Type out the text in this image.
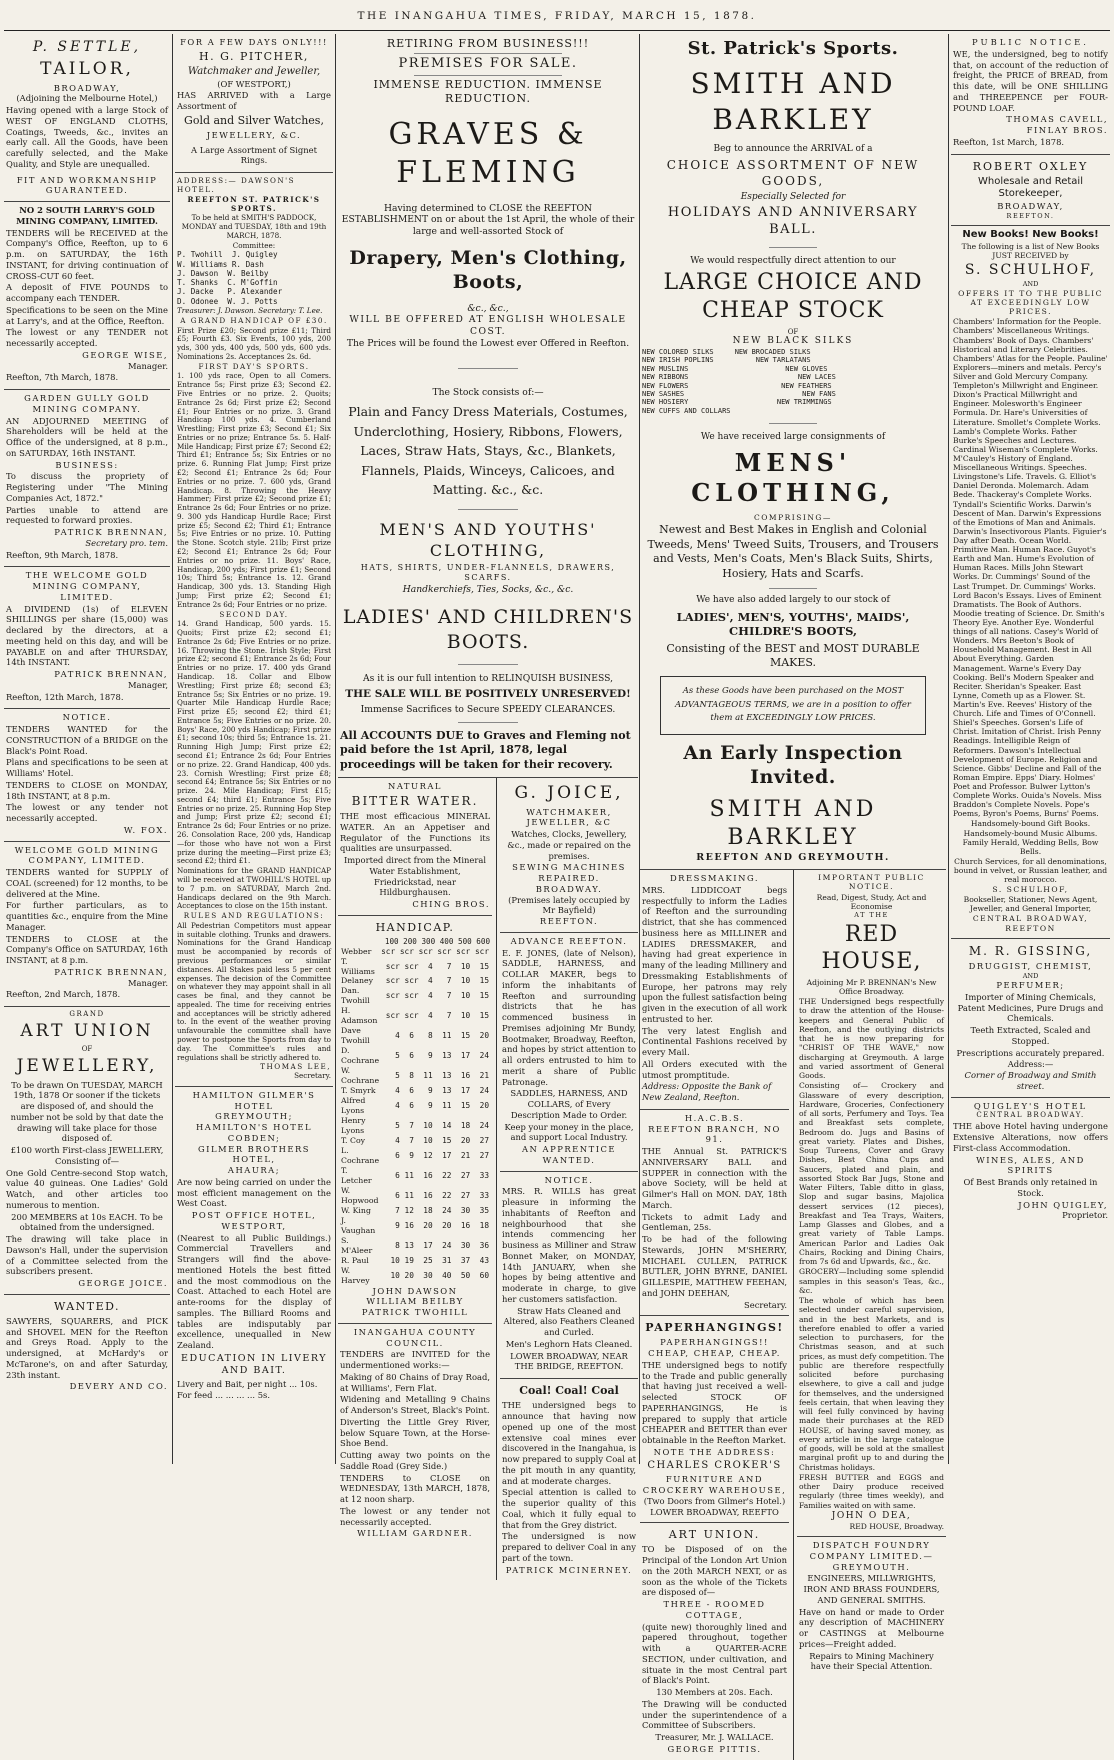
THE INANGAHUA TIMES, FRIDAY, MARCH 15, 1878.
P. SETTLE,
TAILOR,
BROADWAY,
(Adjoining the Melbourne Hotel,)
Having opened with a large Stock of WEST OF ENGLAND CLOTHS, Coatings, Tweeds, &c., invites an early call. All the Goods, have been carefully selected, and the Make Quality, and Style are unequalled.
FIT AND WORKMANSHIP GUARANTEED.
NO 2 SOUTH LARRY'S GOLD MINING COMPANY, LIMITED.
TENDERS will be RECEIVED at the Company's Office, Reefton, up to 6 p.m. on SATURDAY, the 16th INSTANT, for driving continuation of CROSS-CUT 60 feet.
A deposit of FIVE POUNDS to accompany each TENDER.
Specifications to be seen on the Mine at Larry's, and at the Office, Reefton.
The lowest or any TENDER not necessarily accepted.
GEORGE WISE,
Manager.
Reefton, 7th March, 1878.
GARDEN GULLY GOLD MINING COMPANY.
AN ADJOURNED MEETING of Shareholders will be held at the Office of the undersigned, at 8 p.m., on SATURDAY, 16th INSTANT.
BUSINESS:
To discuss the propriety of Registering under "The Mining Companies Act, 1872."
Parties unable to attend are requested to forward proxies.
PATRICK BRENNAN,
Secretary pro. tem.
Reefton, 9th March, 1878.
THE WELCOME GOLD MINING COMPANY, LIMITED.
A DIVIDEND (1s) of ELEVEN SHILLINGS per share (15,000) was declared by the directors, at a meeting held on this day, and will be PAYABLE on and after THURSDAY, 14th INSTANT.
PATRICK BRENNAN,
Manager,
Reefton, 12th March, 1878.
NOTICE.
TENDERS WANTED for the CONSTRUCTION of a BRIDGE on the Black's Point Road.
Plans and specifications to be seen at Williams' Hotel.
TENDERS to CLOSE on MONDAY, 18th INSTANT, at 8 p.m.
The lowest or any tender not necessarily accepted.
W. FOX.
WELCOME GOLD MINING COMPANY, LIMITED.
TENDERS wanted for SUPPLY of COAL (screened) for 12 months, to be delivered at the Mine.
For further particulars, as to quantities &c., enquire from the Mine Manager.
TENDERS to CLOSE at the Company's Office on SATURDAY, 16th INSTANT, at 8 p.m.
PATRICK BRENNAN,
Manager.
Reefton, 2nd March, 1878.
GRAND
ART UNION
OF
JEWELLERY,
To be drawn On TUESDAY, MARCH 19th, 1878 Or sooner if the tickets are disposed of, and should the number not be sold by that date the drawing will take place for those disposed of.
£100 worth First-class JEWELLERY, Consisting of—
One Gold Centre-second Stop watch, value 40 guineas. One Ladies' Gold Watch, and other articles too numerous to mention.
200 MEMBERS at 10s EACH. To be obtained from the undersigned.
The drawing will take place in Dawson's Hall, under the supervision of a Committee selected from the subscribers present.
GEORGE JOICE.
WANTED.
SAWYERS, SQUARERS, and PICK and SHOVEL MEN for the Reefton and Greys Road. Apply to the undersigned, at McHardy's or McTarone's, on and after Saturday, 23th instant.
DEVERY AND CO.
FOR A FEW DAYS ONLY!!!
H. G. PITCHER,
Watchmaker and Jeweller,
(OF WESTPORT,)
HAS ARRIVED with a Large Assortment of
Gold and Silver Watches,
JEWELLERY, &C.
A Large Assortment of Signet Rings.
ADDRESS:— DAWSON'S HOTEL.
REEFTON ST. PATRICK'S SPORTS.
To be held at SMITH'S PADDOCK, MONDAY and TUESDAY, 18th and 19th MARCH, 1878.
Committee:
P. Twohill  J. Quigley
W. Williams R. Dash
J. Dawson  W. Beilby
T. Shanks  C. M'Goffin
J. Dacke   P. Alexander
D. Odonee  W. J. Potts
Treasurer: J. Dawson. Secretary: T. Lee.
A GRAND HANDICAP OF £30.
First Prize £20; Second prize £11; Third £5; Fourth £3. Six Events, 100 yds, 200 yds, 300 yds, 400 yds, 500 yds, 600 yds. Nominations 2s. Acceptances 2s. 6d.
FIRST DAY'S SPORTS.
1. 100 yds race, Open to all Comers. Entrance 5s; First prize £3; Second £2. Five Entries or no prize. 2. Quoits; Entrance 2s 6d; First prize £2; Second £1; Four Entries or no prize. 3. Grand Handicap 100 yds. 4. Cumberland Wrestling; First prize £3; Second £1; Six Entries or no prize; Entrance 5s. 5. Half-Mile Handicap; First prize £7; Second £2; Third £1; Entrance 5s; Six Entries or no prize. 6. Running Flat Jump; First prize £2; Second £1; Entrance 2s 6d; Four Entries or no prize. 7. 600 yds, Grand Handicap. 8. Throwing the Heavy Hammer; First prize £2; Second prize £1; Entrance 2s 6d; Four Entries or no prize. 9. 300 yds Handicap Hurdle Race; First prize £5; Second £2; Third £1; Entrance 5s; Five Entries or no prize. 10. Putting the Stone. Scotch style. 21lb; First prize £2; Second £1; Entrance 2s 6d; Four Entries or no prize. 11. Boys' Race, Handicap, 200 yds; First prize £1; Second 10s; Third 5s; Entrance 1s. 12. Grand Handicap, 300 yds. 13. Standing High Jump; First prize £2; Second £1; Entrance 2s 6d; Four Entries or no prize.
SECOND DAY.
14. Grand Handicap, 500 yards. 15. Quoits; First prize £2; second £1; Entrance 2s 6d; Five Entries or no prize. 16. Throwing the Stone. Irish Style; First prize £2; second £1; Entrance 2s 6d; Four Entries or no prize. 17. 400 yds Grand Handicap. 18. Collar and Elbow Wrestling; First prize £8; second £3; Entrance 5s; Six Entries or no prize. 19. Quarter Mile Handicap Hurdle Race; First prize £5; second £2; third £1; Entrance 5s; Five Entries or no prize. 20. Boys' Race, 200 yds Handicap; First prize £1; second 10s; third 5s; Entrance 1s. 21. Running High Jump; First prize £2; second £1; Entrance 2s 6d; Four Entries or no prize. 22. Grand Handicap, 400 yds. 23. Cornish Wrestling; First prize £8; second £4; Entrance 5s; Six Entries or no prize. 24. Mile Handicap; First £15; second £4; third £1; Entrance 5s; Five Entries or no prize. 25. Running Hop Step and Jump; First prize £2; second £1; Entrance 2s 6d; Four Entries or no prize. 26. Consolation Race, 200 yds, Handicap—for those who have not won a First prize during the meeting—First prize £3; second £2; third £1.
Nominations for the GRAND HANDICAP will be received at TWOHILL'S HOTEL up to 7 p.m. on SATURDAY, March 2nd. Handicaps declared on the 9th March. Acceptances to close on the 15th instant.
RULES AND REGULATIONS:
All Pedestrian Competitors must appear in suitable clothing. Trunks and drawers. Nominations for the Grand Handicap must be accompanied by records of previous performances or similar distances. All Stakes paid less 5 per cent expenses. The decision of the Committee on whatever they may appoint shall in all cases be final, and they cannot be appealed. The time for receiving entries and acceptances will be strictly adhered to. In the event of the weather proving unfavourable the committee shall have power to postpone the Sports from day to day. The Committee's rules and regulations shall be strictly adhered to.
THOMAS LEE,
Secretary.
HAMILTON GILMER'S HOTEL
GREYMOUTH;
HAMILTON'S HOTEL
COBDEN;
GILMER BROTHERS HOTEL,
AHAURA;
Are now being carried on under the most efficient management on the West Coast.
POST OFFICE HOTEL,
WESTPORT,
(Nearest to all Public Buildings.) Commercial Travellers and Strangers will find the above-mentioned Hotels the best fitted and the most commodious on the Coast. Attached to each Hotel are ante-rooms for the display of samples. The Billiard Rooms and tables are indisputably par excellence, unequalled in New Zealand.
EDUCATION IN LIVERY AND BAIT.
Livery and Bait, per night ... 10s. For feed ... ... ... ... 5s.
RETIRING FROM BUSINESS!!!
PREMISES FOR SALE.
IMMENSE REDUCTION. IMMENSE REDUCTION.
GRAVES & FLEMING
Having determined to CLOSE the REEFTON ESTABLISHMENT on or about the 1st April, the whole of their large and well-assorted Stock of
Drapery, Men's Clothing, Boots,
&c., &c.,
WILL BE OFFERED AT ENGLISH WHOLESALE COST.
The Prices will be found the Lowest ever Offered in Reefton.
The Stock consists of:—
Plain and Fancy Dress Materials, Costumes, Underclothing, Hosiery, Ribbons, Flowers, Laces, Straw Hats, Stays, &c., Blankets, Flannels, Plaids, Winceys, Calicoes, and Matting. &c., &c.
MEN'S AND YOUTHS' CLOTHING,
HATS, SHIRTS, UNDER-FLANNELS, DRAWERS, SCARFS.
Handkerchiefs, Ties, Socks, &c., &c.
LADIES' AND CHILDREN'S BOOTS.
As it is our full intention to RELINQUISH BUSINESS,
THE SALE WILL BE POSITIVELY UNRESERVED!
Immense Sacrifices to Secure SPEEDY CLEARANCES.
All ACCOUNTS DUE to Graves and Fleming not paid before the 1st April, 1878, legal proceedings will be taken for their recovery.
NATURAL
BITTER WATER.
THE most efficacious MINERAL WATER. An an Appetiser and Regulator of the Functions its qualities are unsurpassed.
Imported direct from the Mineral Water Establishment, Friedrickstad, near Hildburghausen.
CHING BROS.
HANDICAP.
100 200 300 400 500 600
Webber	scr scr scr scr scr scr
T. Williams	scr scr  4   7  10  15
Delaney	scr scr  4   7  10  15
Dan. Twohill	scr scr  4   7  10  15
H. Adamson	scr scr  4   7  10  15
Dave Twohill	4  6   8  11  15  20
D. Cochrane	5  6   9  13  17  24
W. Cochrane	5  8  11  13  16  21
T. Smyrk	4  6   9  13  17  24
Alfred Lyons	4  6   9  11  15  20
Henry Lyons	5  7  10  14  18  24
T. Coy	4  7  10  15  20  27
L. Cochrane	6  9  12  17  21  27
T. Letcher	6 11  16  22  27  33
W. Hopwood	6 11  16  22  27  33
W. King	7 12  18  24  30  35
J. Vaughan	9 16  20  20  16  18
S. M'Aleer	8 13  17  24  30  36
R. Paul	10 19  25  31  37  43
W. Harvey	10 20  30  40  50  60
JOHN DAWSON
WILLIAM BEILBY
PATRICK TWOHILL
INANGAHUA COUNTY COUNCIL.
TENDERS are INVITED for the undermentioned works:—
Making of 80 Chains of Dray Road, at Williams', Fern Flat.
Widening and Metalling 9 Chains of Anderson's Street, Black's Point.
Diverting the Little Grey River, below Square Town, at the Horse-Shoe Bend.
Cutting away two points on the Saddle Road (Grey Side.)
TENDERS to CLOSE on WEDNESDAY, 13th MARCH, 1878, at 12 noon sharp.
The lowest or any tender not necessarily accepted.
WILLIAM GARDNER.
G. JOICE,
WATCHMAKER, JEWELLER, &C
Watches, Clocks, Jewellery, &c., made or repaired on the premises.
SEWING MACHINES REPAIRED.
BROADWAY.
(Premises lately occupied by Mr Bayfield)
REEFTON.
ADVANCE REEFTON.
E. F. JONES, (late of Nelson), SADDLE, HARNESS, and COLLAR MAKER, begs to inform the inhabitants of Reefton and surrounding districts that he has commenced business in Premises adjoining Mr Bundy, Bootmaker, Broadway, Reefton, and hopes by strict attention to all orders entrusted to him to merit a share of Public Patronage.
SADDLES, HARNESS, AND COLLARS, of Every Description Made to Order.
Keep your money in the place, and support Local Industry.
AN APPRENTICE WANTED.
NOTICE.
MRS. R. WILLS has great pleasure in informing the inhabitants of Reefton and neighbourhood that she intends commencing her business as Milliner and Straw Bonnet Maker, on MONDAY, 14th JANUARY, when she hopes by being attentive and moderate in charge, to give her customers satisfaction.
Straw Hats Cleaned and Altered, also Feathers Cleaned and Curled.
Men's Leghorn Hats Cleaned.
LOWER BROADWAY, NEAR THE BRIDGE, REEFTON.
Coal! Coal! Coal
THE undersigned begs to announce that having now opened up one of the most extensive coal mines ever discovered in the Inangahua, is now prepared to supply Coal at the pit mouth in any quantity, and at moderate charges.
Special attention is called to the superior quality of this Coal, which it fully equal to that from the Grey district.
The undersigned is now prepared to deliver Coal in any part of the town.
PATRICK MCINERNEY.
St. Patrick's Sports.
SMITH AND BARKLEY
Beg to announce the ARRIVAL of a
CHOICE ASSORTMENT OF NEW GOODS,
Especially Selected for
HOLIDAYS AND ANNIVERSARY BALL.
We would respectfully direct attention to our
LARGE CHOICE AND CHEAP STOCK
OF
NEW BLACK SILKS
NEW COLORED SILKS     NEW BROCADED SILKS
NEW IRISH POPLINS          NEW TARLATANS
NEW MUSLINS                       NEW GLOVES
NEW RIBBONS                          NEW LACES
NEW FLOWERS                      NEW FEATHERS
NEW SASHES                            NEW FANS
NEW HOSIERY                     NEW TRIMMINGS
NEW CUFFS AND COLLARS
We have received large consignments of
MENS' CLOTHING,
COMPRISING—
Newest and Best Makes in English and Colonial Tweeds, Mens' Tweed Suits, Trousers, and Trousers and Vests, Men's Coats, Men's Black Suits, Shirts, Hosiery, Hats and Scarfs.
We have also added largely to our stock of
LADIES', MEN'S, YOUTHS', MAIDS', CHILDRE'S BOOTS,
Consisting of the BEST and MOST DURABLE MAKES.
As these Goods have been purchased on the MOST ADVANTAGEOUS TERMS, we are in a position to offer them at EXCEEDINGLY LOW PRICES.
An Early Inspection Invited.
SMITH AND BARKLEY
REEFTON AND GREYMOUTH.
DRESSMAKING.
MRS. LIDDICOAT begs respectfully to inform the Ladies of Reefton and the surrounding district, that she has commenced business here as MILLINER and LADIES DRESSMAKER, and having had great experience in many of the leading Millinery and Dressmaking Establishments of Europe, her patrons may rely upon the fullest satisfaction being given in the execution of all work entrusted to her.
The very latest English and Continental Fashions received by every Mail.
All Orders executed with the utmost promptitude.
Address: Opposite the Bank of New Zealand, Reefton.
H.A.C.B.S.
REEFTON BRANCH, NO 91.
THE Annual St. PATRICK'S ANNIVERSARY BALL and SUPPER in connection with the above Society, will be held at Gilmer's Hall on MON. DAY, 18th March.
Tickets to admit Lady and Gentleman, 25s.
To be had of the following Stewards, JOHN M'SHERRY, MICHAEL CULLEN, PATRICK BUTLER, JOHN BYRNE, DANIEL GILLESPIE, MATTHEW FEEHAN, and JOHN DEEHAN,
Secretary.
PAPERHANGINGS!
PAPERHANGINGS!!
CHEAP, CHEAP, CHEAP.
THE undersigned begs to notify to the Trade and public generally that having just received a well-selected STOCK OF PAPERHANGINGS, He is prepared to supply that article CHEAPER and BETTER than ever obtainable in the Reefton Market.
NOTE THE ADDRESS:
CHARLES CROKER'S
FURNITURE AND CROCKERY WAREHOUSE,
(Two Doors from Gilmer's Hotel.) LOWER BROADWAY, REEFTO
ART UNION.
TO be Disposed of on the Principal of the London Art Union on the 20th MARCH NEXT, or as soon as the whole of the Tickets are disposed of—
THREE - ROOMED COTTAGE,
(quite new) thoroughly lined and papered throughout, together with a QUARTER-ACRE SECTION, under cultivation, and situate in the most Central part of Black's Point.
130 Members at 20s. Each.
The Drawing will be conducted under the superintendence of a Committee of Subscribers.
Treasurer, Mr. J. WALLACE.
GEORGE PITTIS.
IMPORTANT PUBLIC NOTICE.
Read, Digest, Study, Act and Economise
AT THE
RED HOUSE,
Adjoining Mr P. BRENNAN's New Office Broadway.
THE Undersigned begs respectfully to draw the attention of the House-keepers and General Public of Reefton, and the outlying districts that he is now preparing for "CHRIST OF THE WAVE," now discharging at Greymouth. A large and varied assortment of General Goods.
Consisting of— Crockery and Glassware of every description, Hardware, Groceries, Confectionery of all sorts, Perfumery and Toys. Tea and Breakfast sets complete, Bedroom do. Jugs and Basins of great variety. Plates and Dishes, Soup Tureens, Cover and Gravy Dishes, Best China Cups and Saucers, plated and plain, and assorted Stock Bar Jugs, Stone and Water Filters, Table ditto in glass, Slop and sugar basins, Majolica dessert services (12 pieces), Breakfast and Tea Trays, Waiters, Lamp Glasses and Globes, and a great variety of Table Lamps. American Parlor and Ladies Oak Chairs, Rocking and Dining Chairs, from 7s 6d and Upwards, &c., &c.
GROCERY—Including some splendid samples in this season's Teas, &c., &c.
The whole of which has been selected under careful supervision, and in the best Markets, and is therefore enabled to offer a varied selection to purchasers, for the Christmas season, and at such prices, as must defy competition. The public are therefore respectfully solicited before purchasing elsewhere, to give a call and judge for themselves, and the undersigned feels certain, that when leaving they will feel fully convinced by having made their purchases at the RED HOUSE, of having saved money, as every article in the large catalogue of goods, will be sold at the smallest marginal profit up to and during the Christmas holidays.
FRESH BUTTER and EGGS and other Dairy produce received regularly (three times weekly), and Families waited on with same.
JOHN O DEA,
RED HOUSE, Broadway.
DISPATCH FOUNDRY COMPANY LIMITED.—GREYMOUTH.
ENGINEERS, MILLWRIGHTS, IRON AND BRASS FOUNDERS, AND GENERAL SMITHS.
Have on hand or made to Order any description of MACHINERY or CASTINGS at Melbourne prices—Freight added.
Repairs to Mining Machinery have their Special Attention.
PUBLIC NOTICE.
WE, the undersigned, beg to notify that, on account of the reduction of freight, the PRICE of BREAD, from this date, will be ONE SHILLING and THREEPENCE per FOUR-POUND LOAF.
THOMAS CAVELL,
FINLAY BROS.
Reefton, 1st March, 1878.
ROBERT OXLEY
Wholesale and Retail
Storekeeper,
BROADWAY,
REEFTON.
New Books! New Books!
The following is a list of New Books JUST RECEIVED by
S. SCHULHOF,
AND
OFFERS IT TO THE PUBLIC AT EXCEEDINGLY LOW PRICES.
Chambers' Information for the People. Chambers' Miscellaneous Writings. Chambers' Book of Days. Chambers' Historical and Literary Celebrities. Chambers' Atlas for the People. Pauline' Explorers—miners and metals. Percy's Silver and Gold Mercury Company. Templeton's Millwright and Engineer. Dixon's Practical Millwright and Engineer. Molesworth's Engineer Formula. Dr. Hare's Universities of Literature. Smollet's Complete Works. Lamb's Complete Works. Father Burke's Speeches and Lectures. Cardinal Wiseman's Complete Works. M'Cauley's History of England. Miscellaneous Writings. Speeches. Livingstone's Life. Travels. G. Elliot's Daniel Deronda. Molemarch. Adam Bede. Thackeray's Complete Works. Tyndall's Scientific Works. Darwin's Descent of Man. Darwin's Expressions of the Emotions of Man and Animals. Darwin's Insectivorous Plants. Figuier's Day after Death. Ocean World. Primitive Man. Human Race. Guyot's Earth and Man. Hume's Evolution of Human Races. Mills John Stewart Works. Dr. Cummings' Sound of the Last Trumpet. Dr. Cummings' Works. Lord Bacon's Essays. Lives of Eminent Dramatists. The Book of Authors. Moodie treating of Science. Dr. Smith's Theory Eye. Another Eye. Wonderful things of all nations. Casey's World of Wonders. Mrs Beeton's Book of Household Management. Best in All About Everything. Garden Management. Warne's Every Day Cooking. Bell's Modern Speaker and Reciter. Sheridan's Speaker. East Lynne, Cometh up as a Flower. St. Martin's Eve. Reeves' History of the Church. Life and Times of O'Connell. Shiel's Speeches. Gorsen's Life of Christ. Imitation of Christ. Irish Penny Readings. Intelligible Reign of Reformers. Dawson's Intellectual Development of Europe. Religion and Science. Gibbs' Decline and Fall of the Roman Empire. Epps' Diary. Holmes' Poet and Professor. Bulwer Lytton's Complete Works. Ouida's Novels. Miss Braddon's Complete Novels. Pope's Poems, Byron's Poems, Burns' Poems.
Handsomely-bound Gift Books. Handsomely-bound Music Albums. Family Herald, Wedding Bells, Bow Bells.
Church Services, for all denominations, bound in velvet, or Russian leather, and real morocco.
S. SCHULHOF,
Bookseller, Stationer, News Agent, Jeweller, and General Importer,
CENTRAL BROADWAY, REEFTON
M. R. GISSING,
DRUGGIST, CHEMIST,
AND
PERFUMER;
Importer of Mining Chemicals, Patent Medicines, Pure Drugs and Chemicals.
Teeth Extracted, Scaled and Stopped.
Prescriptions accurately prepared.
Address:—
Corner of Broadway and Smith street.
QUIGLEY'S HOTEL
CENTRAL BROADWAY.
THE above Hotel having undergone Extensive Alterations, now offers First-class Accommodation.
WINES, ALES, AND SPIRITS
Of Best Brands only retained in Stock.
JOHN QUIGLEY,
Proprietor.
